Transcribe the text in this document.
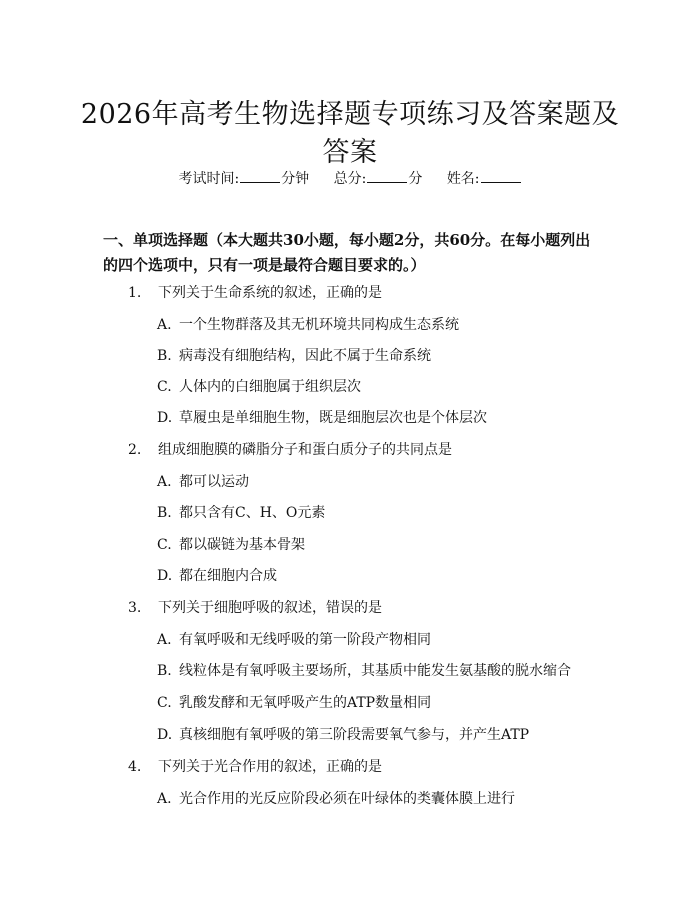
2026年高考生物选择题专项练习及答案题及答案
考试时间:	分钟 总分:	分 姓名:
一、单项选择题（本大题共30小题，每小题2分，共60分。在每小题列出的四个选项中，只有一项是最符合题目要求的。）
1. 下列关于生命系统的叙述，正确的是
A. 一个生物群落及其无机环境共同构成生态系统
B. 病毒没有细胞结构，因此不属于生命系统
C. 人体内的白细胞属于组织层次
D. 草履虫是单细胞生物，既是细胞层次也是个体层次
2. 组成细胞膜的磷脂分子和蛋白质分子的共同点是
A. 都可以运动
B. 都只含有C、H、O元素
C. 都以碳链为基本骨架
D. 都在细胞内合成
3. 下列关于细胞呼吸的叙述，错误的是
A. 有氧呼吸和无线呼吸的第一阶段产物相同
B. 线粒体是有氧呼吸主要场所，其基质中能发生氨基酸的脱水缩合
C. 乳酸发酵和无氧呼吸产生的ATP数量相同
D. 真核细胞有氧呼吸的第三阶段需要氧气参与，并产生ATP
4. 下列关于光合作用的叙述，正确的是
A. 光合作用的光反应阶段必须在叶绿体的类囊体膜上进行
